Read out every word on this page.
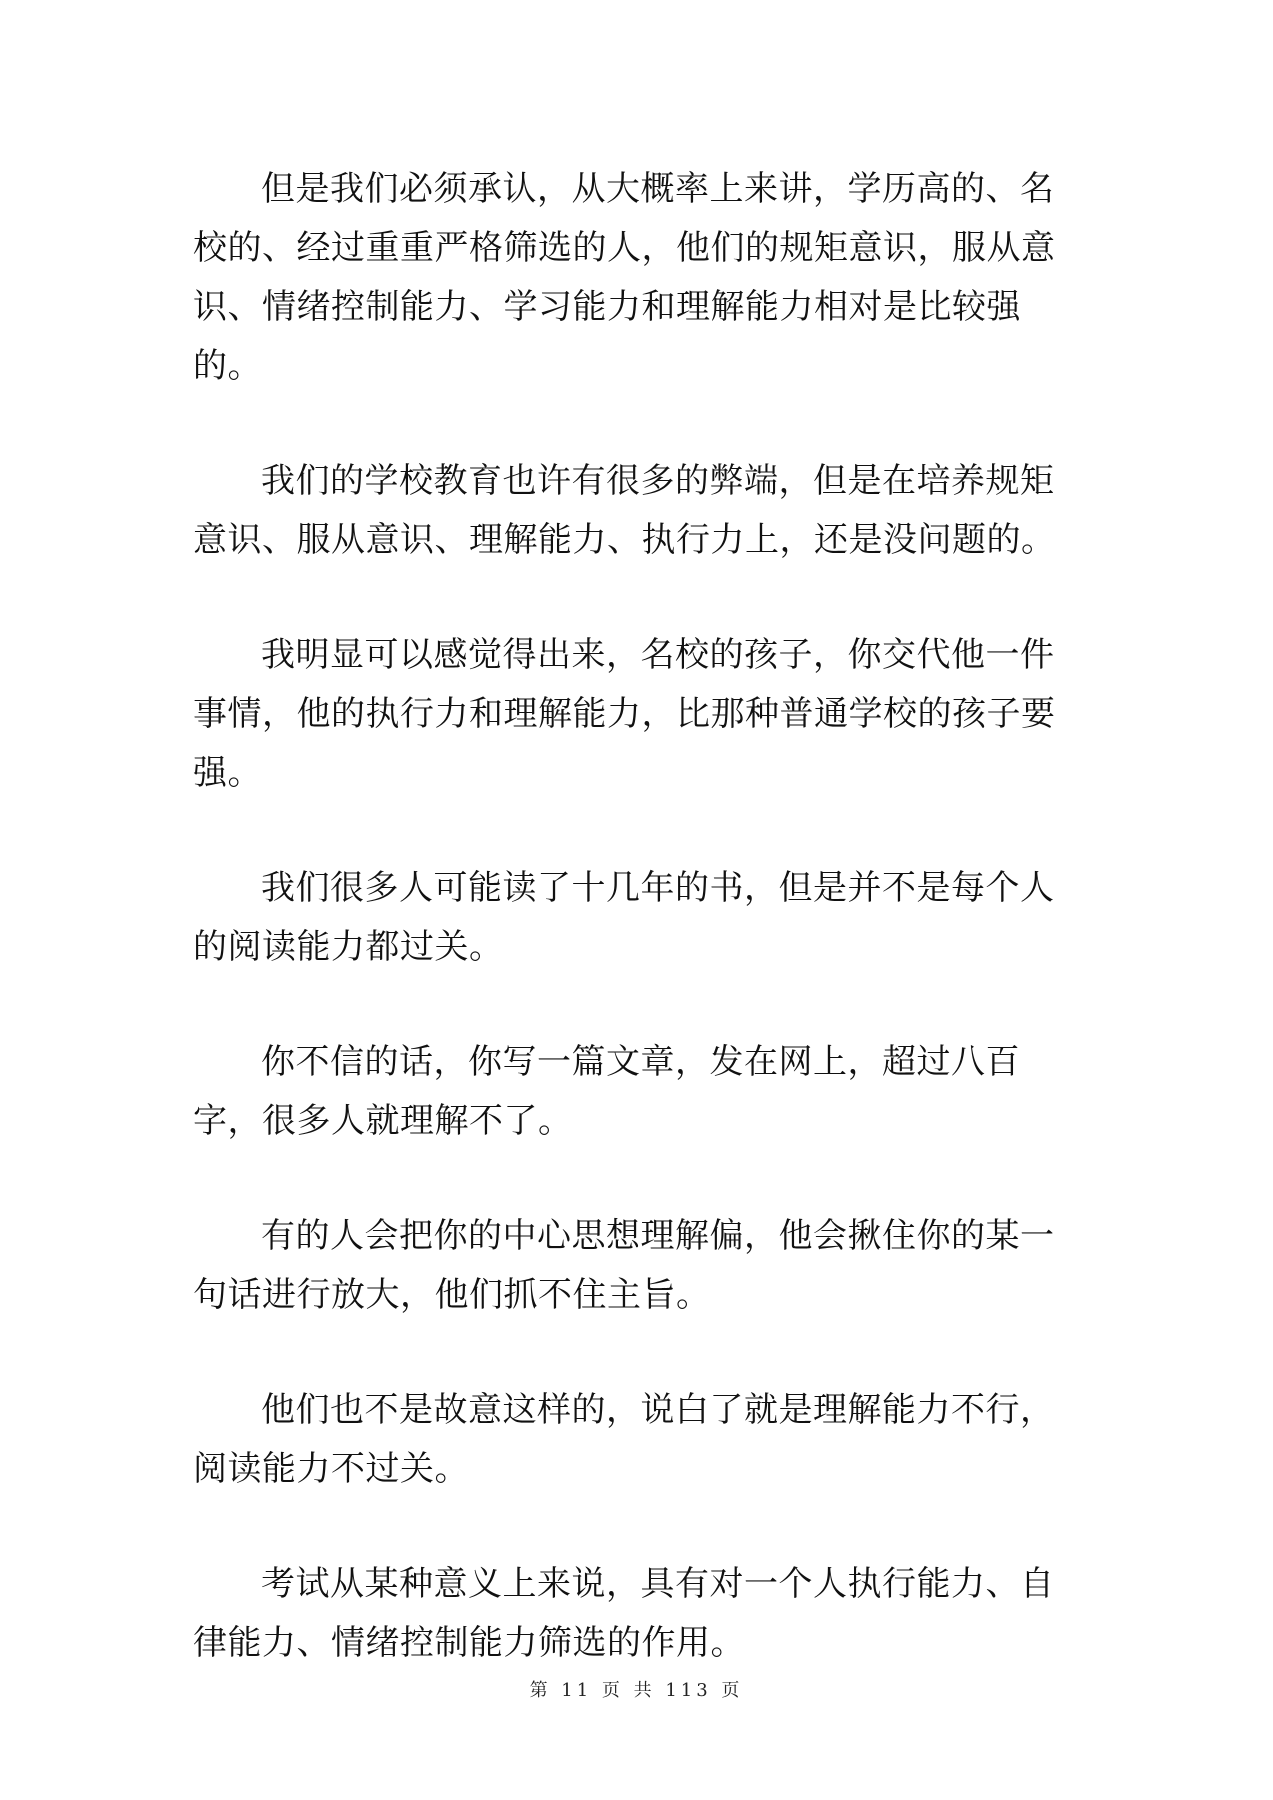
但是我们必须承认，从大概率上来讲，学历高的、名校的、经过重重严格筛选的人，他们的规矩意识，服从意识、情绪控制能力、学习能力和理解能力相对是比较强的。

我们的学校教育也许有很多的弊端，但是在培养规矩意识、服从意识、理解能力、执行力上，还是没问题的。

我明显可以感觉得出来，名校的孩子，你交代他一件事情，他的执行力和理解能力，比那种普通学校的孩子要强。

我们很多人可能读了十几年的书，但是并不是每个人的阅读能力都过关。

你不信的话，你写一篇文章，发在网上，超过八百字，很多人就理解不了。

有的人会把你的中心思想理解偏，他会揪住你的某一句话进行放大，他们抓不住主旨。

他们也不是故意这样的，说白了就是理解能力不行，阅读能力不过关。

考试从某种意义上来说，具有对一个人执行能力、自律能力、情绪控制能力筛选的作用。

第 11 页 共 113 页
